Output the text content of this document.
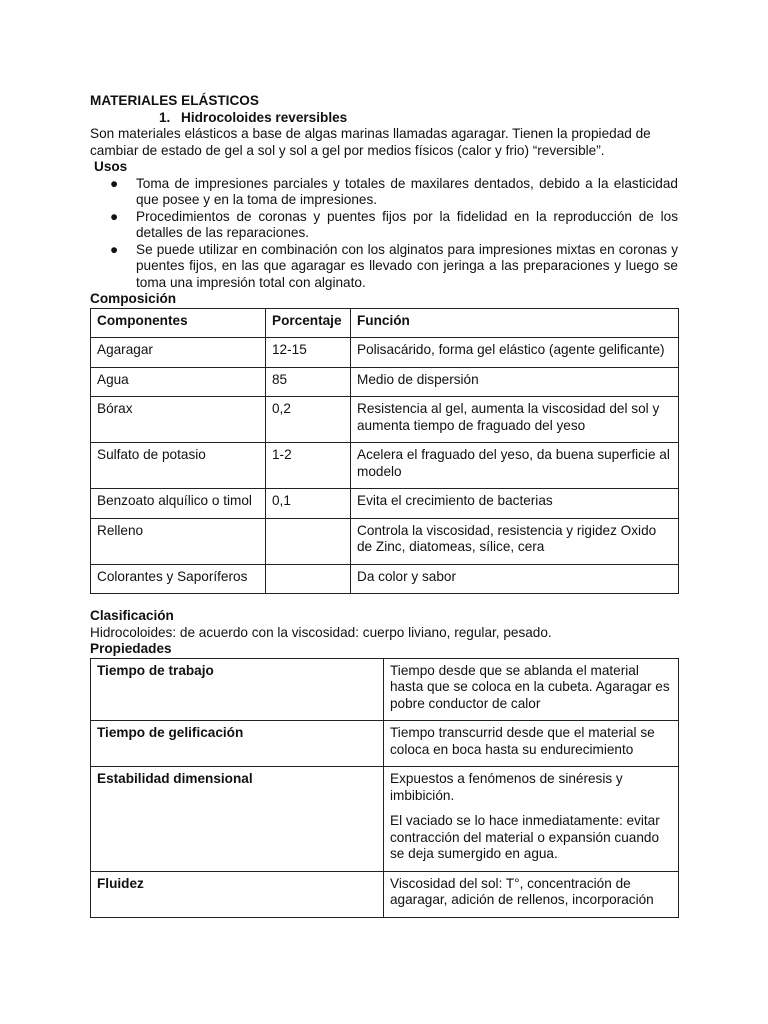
MATERIALES ELÁSTICOS
1. Hidrocoloides reversibles

Son materiales elásticos a base de algas marinas llamadas agaragar. Tienen la propiedad de cambiar de estado de gel a sol y sol a gel por medios físicos (calor y frio) “reversible”.

Usos
● Toma de impresiones parciales y totales de maxilares dentados, debido a la elasticidad que posee y en la toma de impresiones.
● Procedimientos de coronas y puentes fijos por la fidelidad en la reproducción de los detalles de las reparaciones.
● Se puede utilizar en combinación con los alginatos para impresiones mixtas en coronas y puentes fijos, en las que agaragar es llevado con jeringa a las preparaciones y luego se toma una impresión total con alginato.
Composición
Componentes	Porcentaje	Función
Agaragar	12-15	Polisacárido, forma gel elástico (agente gelificante)
Agua	85	Medio de dispersión
Bórax	0,2	Resistencia al gel, aumenta la viscosidad del sol y aumenta tiempo de fraguado del yeso
Sulfato de potasio	1-2	Acelera el fraguado del yeso, da buena superficie al modelo
Benzoato alquílico o timol	0,1	Evita el crecimiento de bacterias
Relleno		Controla la viscosidad, resistencia y rigidez Oxido de Zinc, diatomeas, sílice, cera
Colorantes y Saporíferos		Da color y sabor
Clasificación

Hidrocoloides: de acuerdo con la viscosidad: cuerpo liviano, regular, pesado.

Propiedades
Tiempo de trabajo	Tiempo desde que se ablanda el material hasta que se coloca en la cubeta. Agaragar es pobre conductor de calor

Tiempo de gelificación	Tiempo transcurrid desde que el material se coloca en boca hasta su endurecimiento

Estabilidad dimensional	Expuestos a fenómenos de sinéresis y imbibición.

El vaciado se lo hace inmediatamente: evitar contracción del material o expansión cuando se deja sumergido en agua.

Fluidez	Viscosidad del sol: T°, concentración de agaragar, adición de rellenos, incorporación
